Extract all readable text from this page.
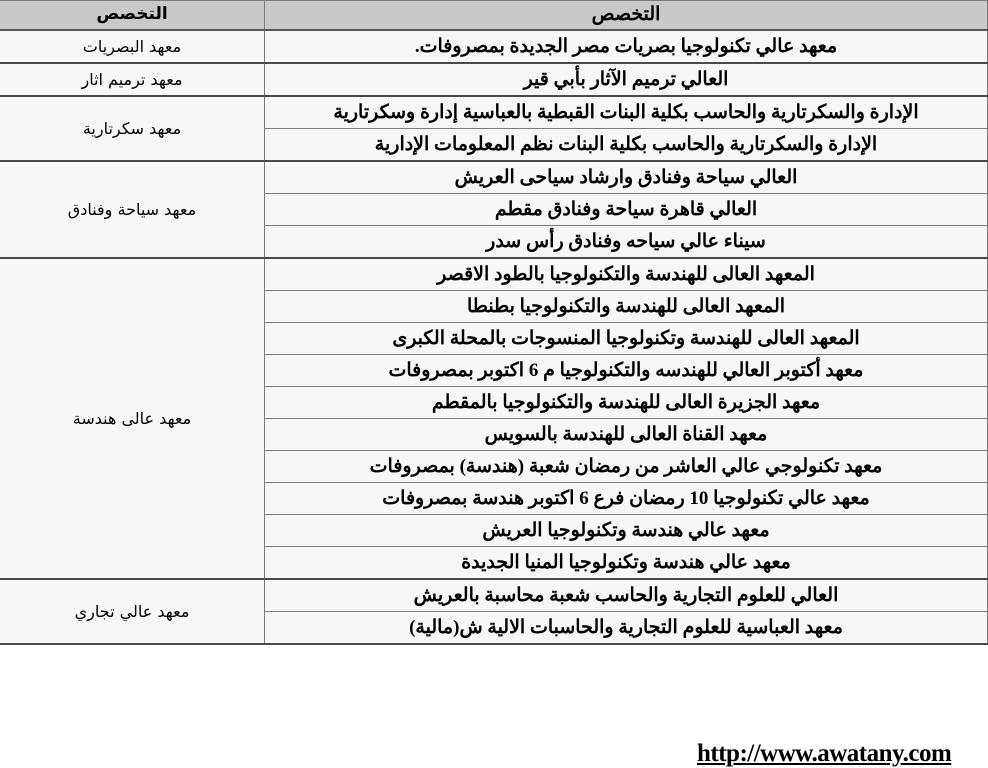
التخصص	التخصص
معهد عالي تكنولوجيا بصريات مصر الجديدة بمصروفات.	معهد البصريات
العالي ترميم الآثار بأبي قير	معهد ترميم اثار
الإدارة والسكرتارية والحاسب بكلية البنات القبطية بالعباسية إدارة وسكرتارية	معهد سكرتارية
الإدارة والسكرتارية والحاسب بكلية البنات نظم المعلومات الإدارية	
العالي سياحة وفنادق وارشاد سياحى العريش	معهد سياحة وفنادق
العالي قاهرة سياحة وفنادق مقطم	
سيناء عالي سياحه وفنادق رأس سدر	
المعهد العالى للهندسة والتكنولوجيا بالطود الاقصر	معهد عالى هندسة
المعهد العالى للهندسة والتكنولوجيا بطنطا	
المعهد العالى للهندسة وتكنولوجيا المنسوجات بالمحلة الكبرى	
معهد أكتوبر العالي للهندسه والتكنولوجيا م 6 اكتوبر بمصروفات	
معهد الجزيرة العالى للهندسة والتكنولوجيا بالمقطم	
معهد القناة العالى للهندسة بالسويس	
معهد تكنولوجي عالي العاشر من رمضان شعبة (هندسة) بمصروفات	
معهد عالي تكنولوجيا 10 رمضان فرع 6 اكتوبر هندسة بمصروفات	
معهد عالي هندسة وتكنولوجيا العريش	
معهد عالي هندسة وتكنولوجيا المنيا الجديدة	
العالي للعلوم التجارية والحاسب شعبة محاسبة بالعريش	معهد عالي تجاري
معهد العباسية للعلوم التجارية والحاسبات الالية ش(مالية)	
http://www.awatany.com
